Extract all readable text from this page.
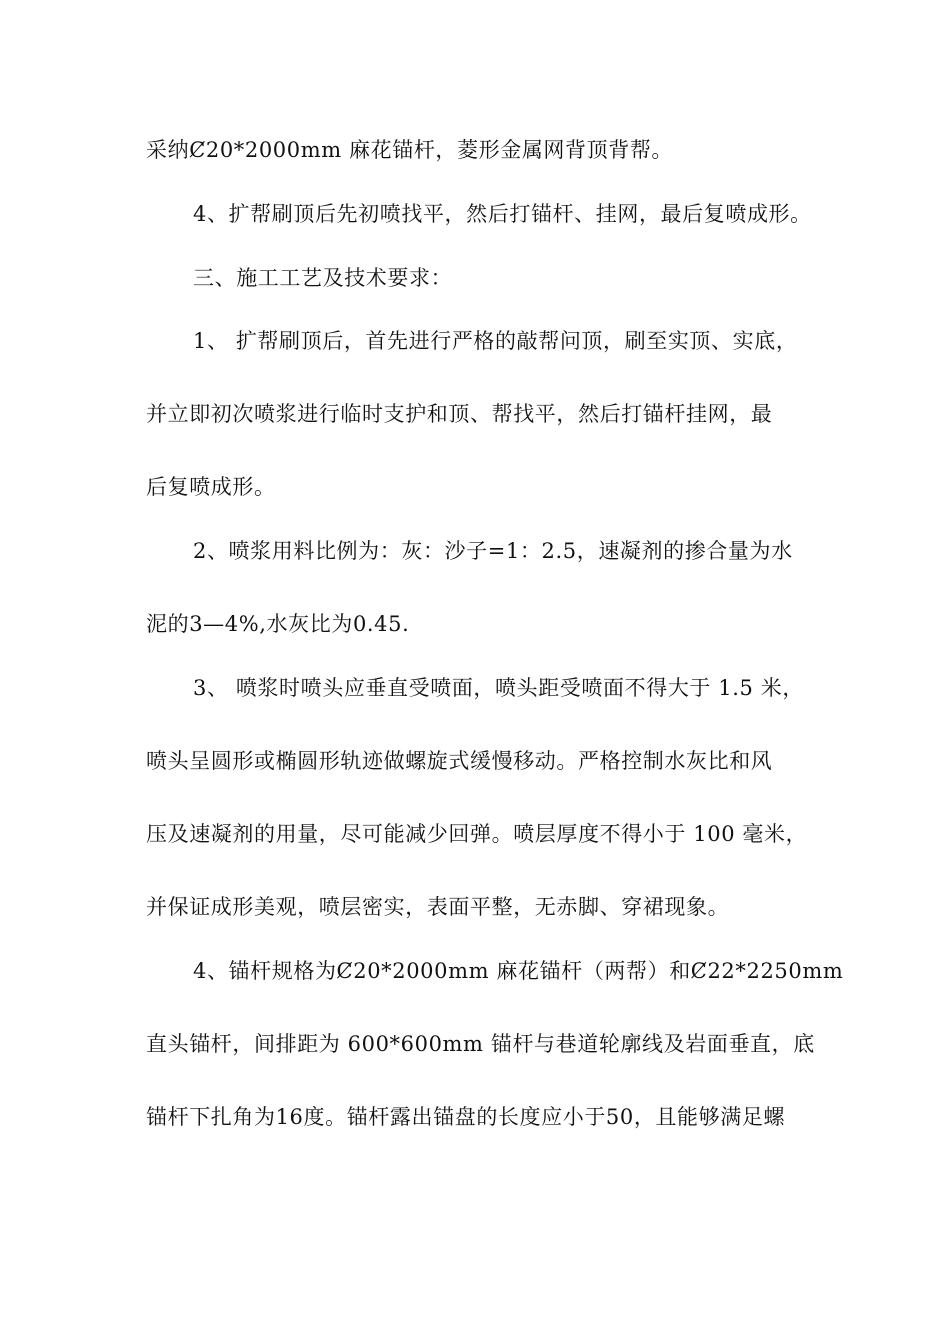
采纳Ȼ20*2000mm 麻花锚杆，菱形金属网背顶背帮。
4、扩帮刷顶后先初喷找平，然后打锚杆、挂网，最后复喷成形。
三、施工工艺及技术要求：
1、 扩帮刷顶后，首先进行严格的敲帮问顶，刷至实顶、实底，
并立即初次喷浆进行临时支护和顶、帮找平，然后打锚杆挂网，最
后复喷成形。
2、喷浆用料比例为：灰：沙子=1：2.5，速凝剂的掺合量为水
泥的3—4%,水灰比为0.45.
3、 喷浆时喷头应垂直受喷面，喷头距受喷面不得大于 1.5 米，
喷头呈圆形或椭圆形轨迹做螺旋式缓慢移动。严格控制水灰比和风
压及速凝剂的用量，尽可能减少回弹。喷层厚度不得小于 100 毫米，
并保证成形美观，喷层密实，表面平整，无赤脚、穿裙现象。
4、锚杆规格为Ȼ20*2000mm 麻花锚杆（两帮）和Ȼ22*2250mm
直头锚杆，间排距为 600*600mm 锚杆与巷道轮廓线及岩面垂直，底
锚杆下扎角为16度。锚杆露出锚盘的长度应小于50，且能够满足螺
